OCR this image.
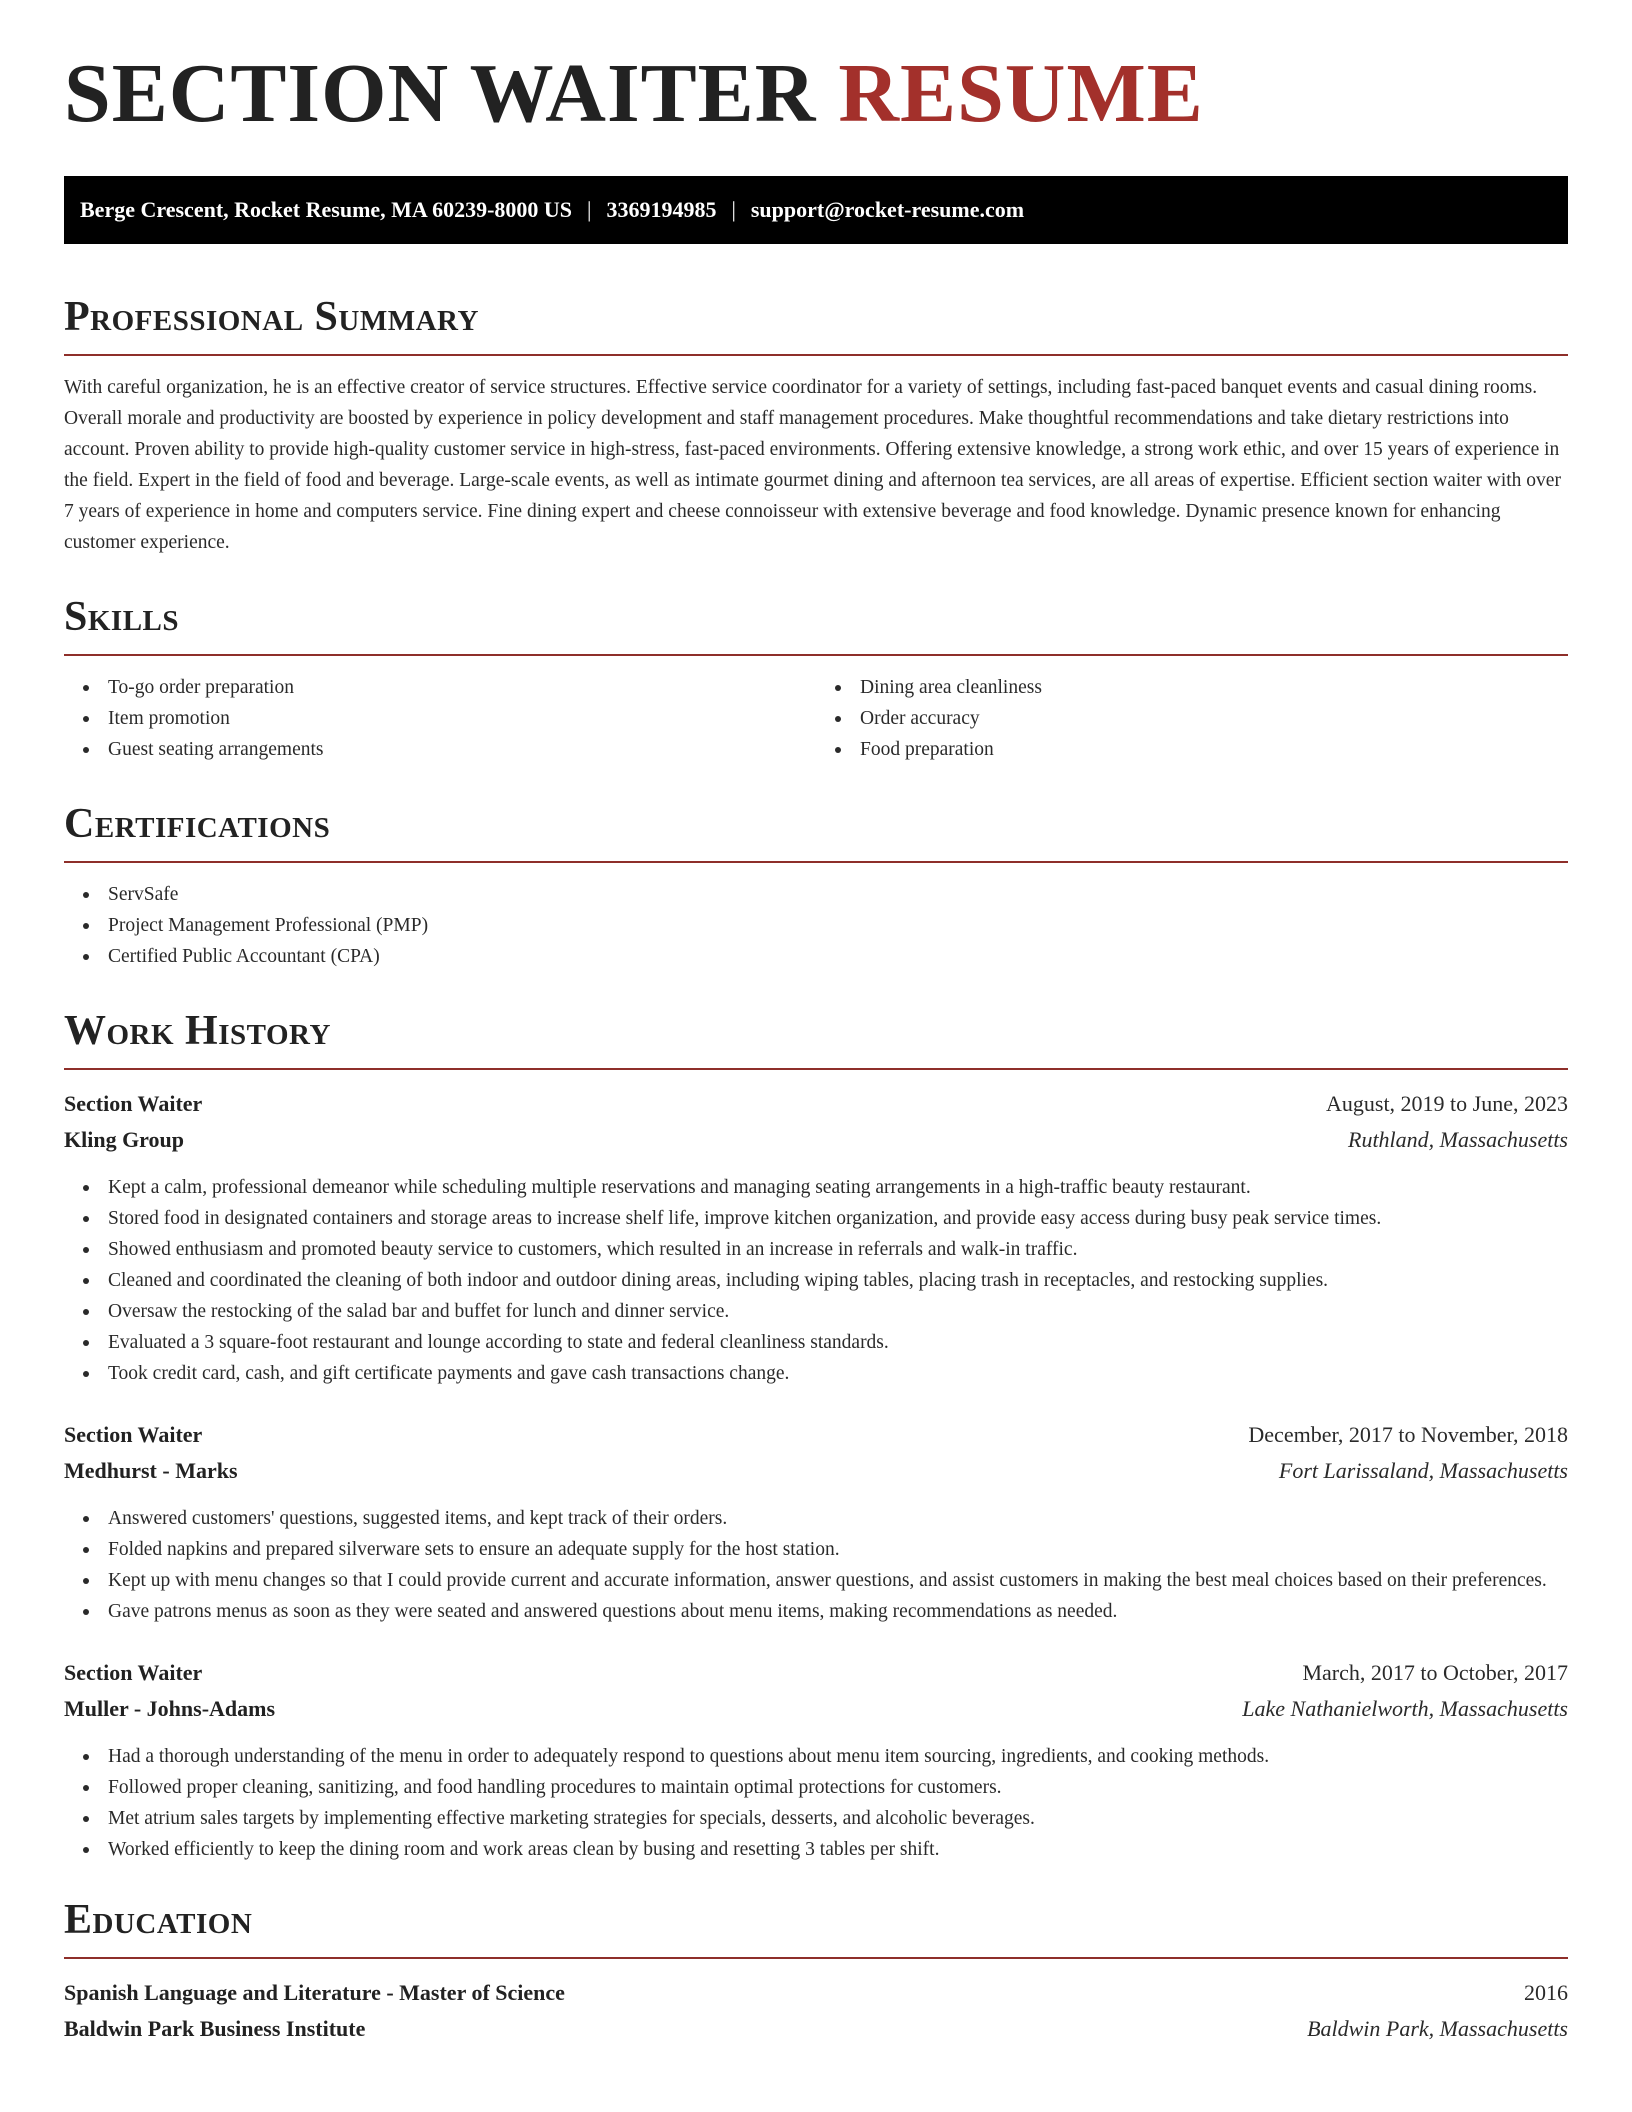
SECTION WAITER RESUME
Berge Crescent, Rocket Resume, MA 60239-8000 US | 3369194985 | support@rocket-resume.com
Professional Summary

With careful organization, he is an effective creator of service structures. Effective service coordinator for a variety of settings, including fast-paced banquet events and casual dining rooms. Overall morale and productivity are boosted by experience in policy development and staff management procedures. Make thoughtful recommendations and take dietary restrictions into account. Proven ability to provide high-quality customer service in high-stress, fast-paced environments. Offering extensive knowledge, a strong work ethic, and over 15 years of experience in the field. Expert in the field of food and beverage. Large-scale events, as well as intimate gourmet dining and afternoon tea services, are all areas of expertise. Efficient section waiter with over 7 years of experience in home and computers service. Fine dining expert and cheese connoisseur with extensive beverage and food knowledge. Dynamic presence known for enhancing customer experience.

Skills
To-go order preparation
Item promotion
Guest seating arrangements
Dining area cleanliness
Order accuracy
Food preparation
Certifications
ServSafe
Project Management Professional (PMP)
Certified Public Accountant (CPA)
Work History
Section Waiter	August, 2019 to June, 2023
Kling Group	Ruthland, Massachusetts
Kept a calm, professional demeanor while scheduling multiple reservations and managing seating arrangements in a high-traffic beauty restaurant.
Stored food in designated containers and storage areas to increase shelf life, improve kitchen organization, and provide easy access during busy peak service times.
Showed enthusiasm and promoted beauty service to customers, which resulted in an increase in referrals and walk-in traffic.
Cleaned and coordinated the cleaning of both indoor and outdoor dining areas, including wiping tables, placing trash in receptacles, and restocking supplies.
Oversaw the restocking of the salad bar and buffet for lunch and dinner service.
Evaluated a 3 square-foot restaurant and lounge according to state and federal cleanliness standards.
Took credit card, cash, and gift certificate payments and gave cash transactions change.
Section Waiter	December, 2017 to November, 2018
Medhurst - Marks	Fort Larissaland, Massachusetts
Answered customers' questions, suggested items, and kept track of their orders.
Folded napkins and prepared silverware sets to ensure an adequate supply for the host station.
Kept up with menu changes so that I could provide current and accurate information, answer questions, and assist customers in making the best meal choices based on their preferences.
Gave patrons menus as soon as they were seated and answered questions about menu items, making recommendations as needed.
Section Waiter	March, 2017 to October, 2017
Muller - Johns-Adams	Lake Nathanielworth, Massachusetts
Had a thorough understanding of the menu in order to adequately respond to questions about menu item sourcing, ingredients, and cooking methods.
Followed proper cleaning, sanitizing, and food handling procedures to maintain optimal protections for customers.
Met atrium sales targets by implementing effective marketing strategies for specials, desserts, and alcoholic beverages.
Worked efficiently to keep the dining room and work areas clean by busing and resetting 3 tables per shift.
Education
Spanish Language and Literature - Master of Science	2016
Baldwin Park Business Institute	Baldwin Park, Massachusetts
